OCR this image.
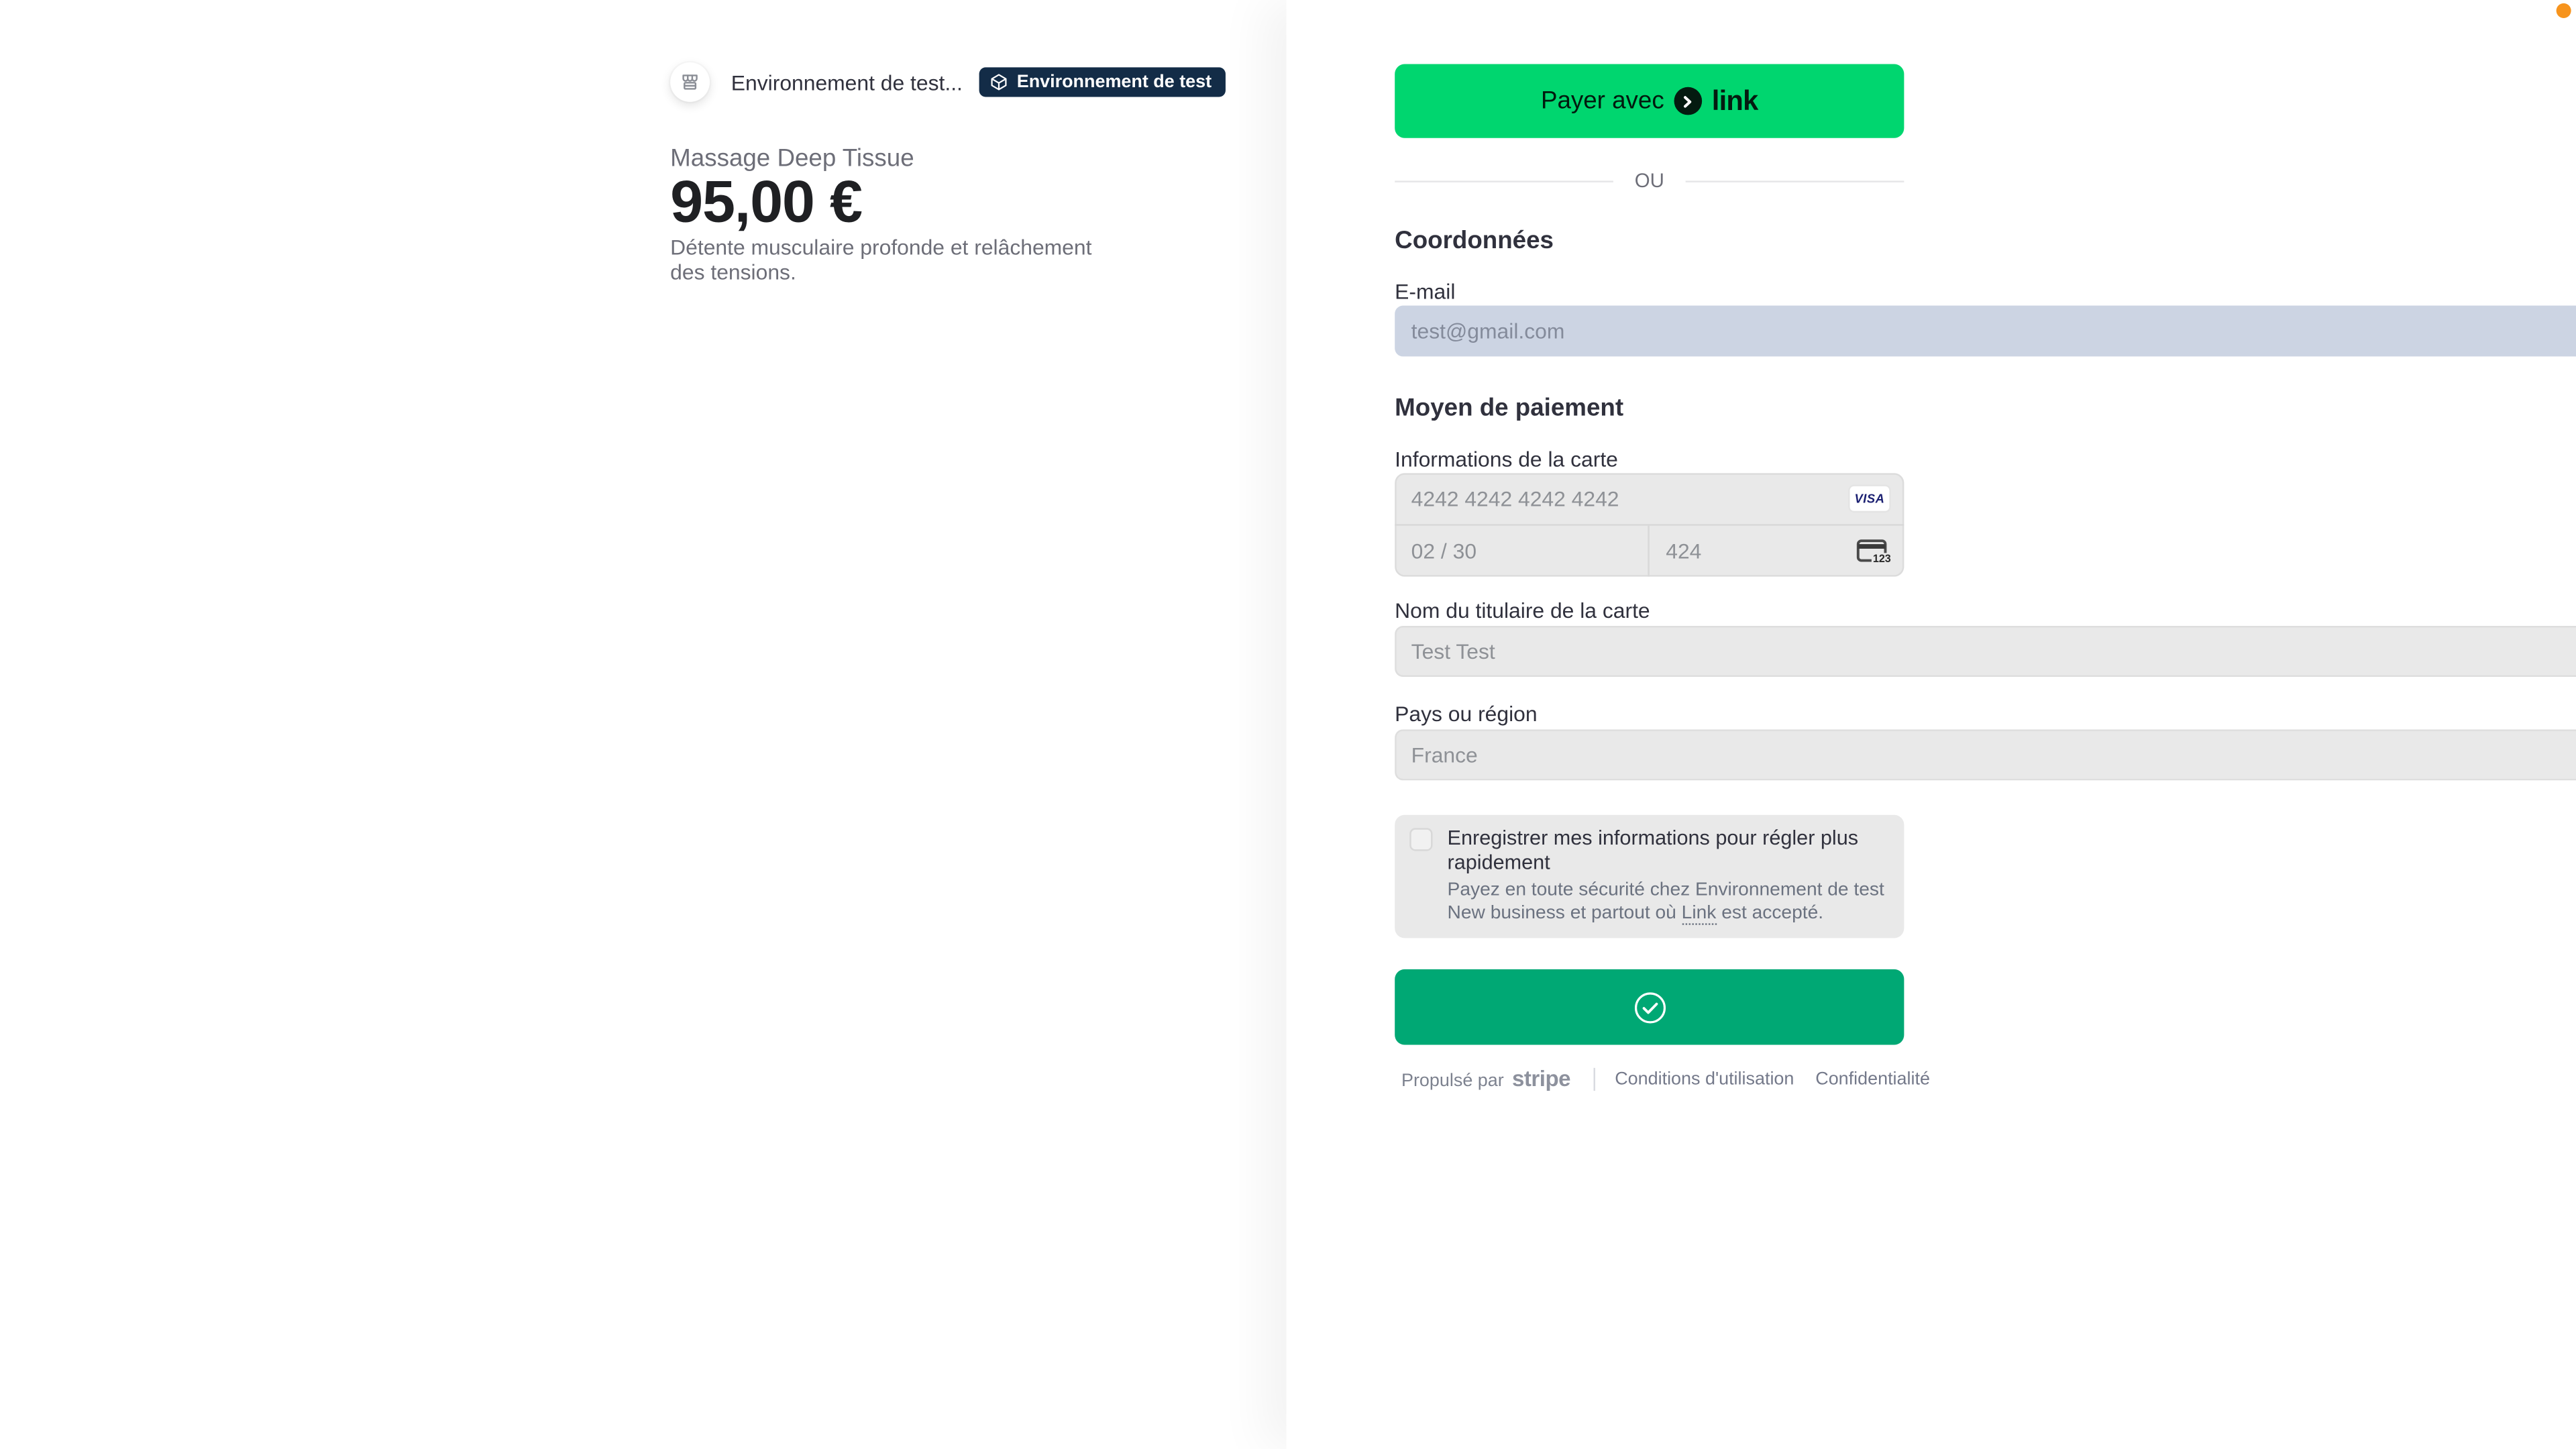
Environnement de test...	Environnement de test
Massage Deep Tissue
95,00 €
Détente musculaire profonde et relâchement des tensions.
Payer avec	link
OU
Coordonnées
E-mail
test@gmail.com
Moyen de paiement
Informations de la carte
4242 4242 4242 4242
VISA
02 / 30
424
123
Nom du titulaire de la carte
Test Test
Pays ou région
France
Enregistrer mes informations pour régler plus rapidement
Payez en toute sécurité chez Environnement de test New business et partout où Link est accepté.
Propulsé par stripe	Conditions d'utilisation	Confidentialité
